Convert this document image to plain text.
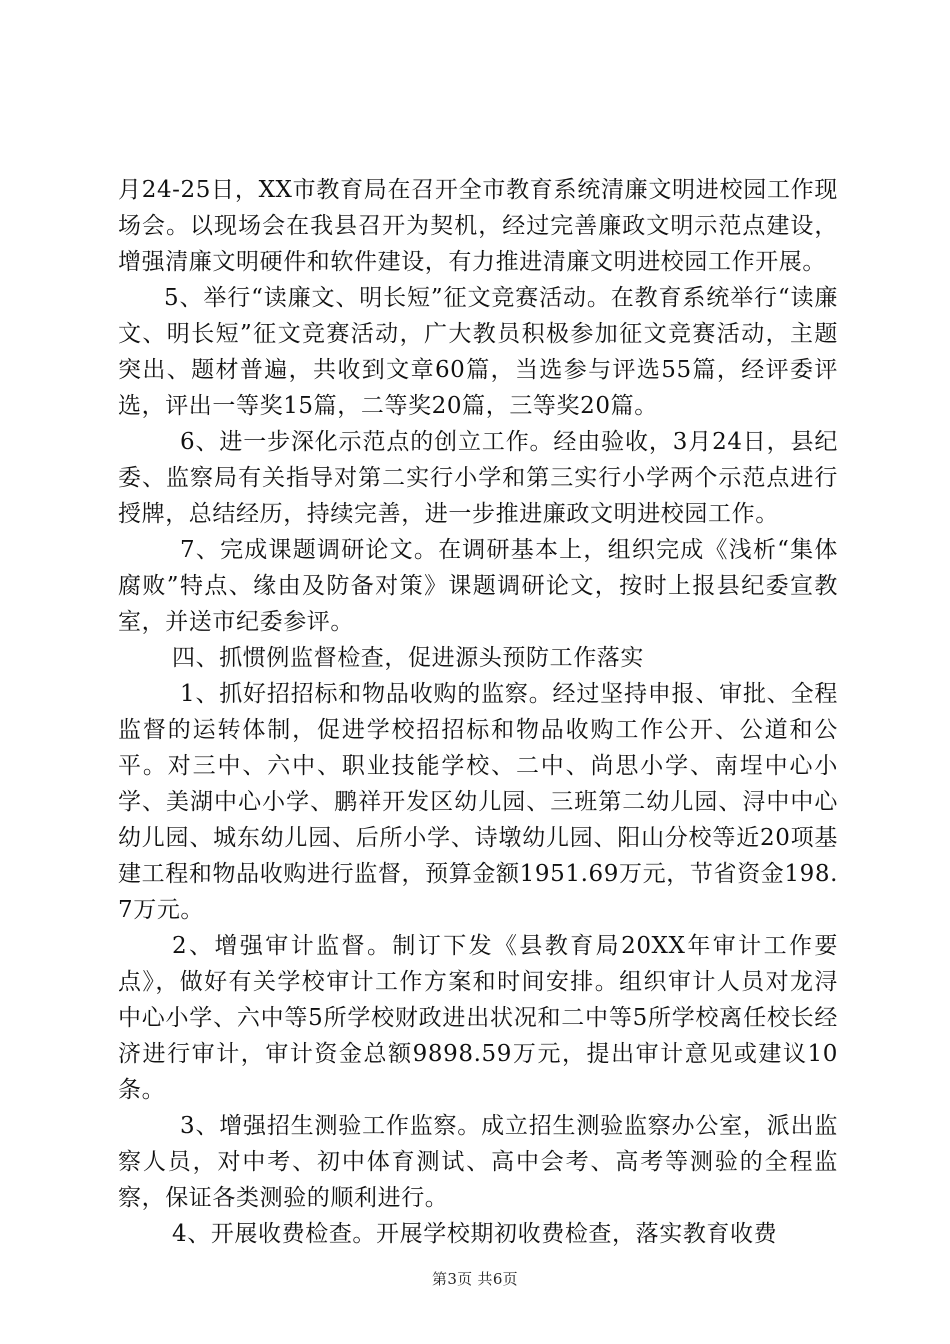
月24-25日，XX市教育局在召开全市教育系统清廉文明进校园工作现场会。以现场会在我县召开为契机，经过完善廉政文明示范点建设，增强清廉文明硬件和软件建设，有力推进清廉文明进校园工作开展。

5、举行“读廉文、明长短”征文竞赛活动。在教育系统举行“读廉文、明长短”征文竞赛活动，广大教员积极参加征文竞赛活动，主题突出、题材普遍，共收到文章60篇，当选参与评选55篇，经评委评选，评出一等奖15篇，二等奖20篇，三等奖20篇。

6、进一步深化示范点的创立工作。经由验收，3月24日，县纪委、监察局有关指导对第二实行小学和第三实行小学两个示范点进行授牌，总结经历，持续完善，进一步推进廉政文明进校园工作。

7、完成课题调研论文。在调研基本上，组织完成《浅析“集体腐败”特点、缘由及防备对策》课题调研论文，按时上报县纪委宣教室，并送市纪委参评。

四、抓惯例监督检查，促进源头预防工作落实

1、抓好招招标和物品收购的监察。经过坚持申报、审批、全程监督的运转体制，促进学校招招标和物品收购工作公开、公道和公平。对三中、六中、职业技能学校、二中、尚思小学、南埕中心小学、美湖中心小学、鹏祥开发区幼儿园、三班第二幼儿园、浔中中心幼儿园、城东幼儿园、后所小学、诗墩幼儿园、阳山分校等近20项基建工程和物品收购进行监督，预算金额1951.69万元，节省资金198.7万元。

2、增强审计监督。制订下发《县教育局20XX年审计工作要点》，做好有关学校审计工作方案和时间安排。组织审计人员对龙浔中心小学、六中等5所学校财政进出状况和二中等5所学校离任校长经济进行审计，审计资金总额9898.59万元，提出审计意见或建议10条。

3、增强招生测验工作监察。成立招生测验监察办公室，派出监察人员，对中考、初中体育测试、高中会考、高考等测验的全程监察，保证各类测验的顺利进行。

4、开展收费检查。开展学校期初收费检查，落实教育收费

第3页 共6页
